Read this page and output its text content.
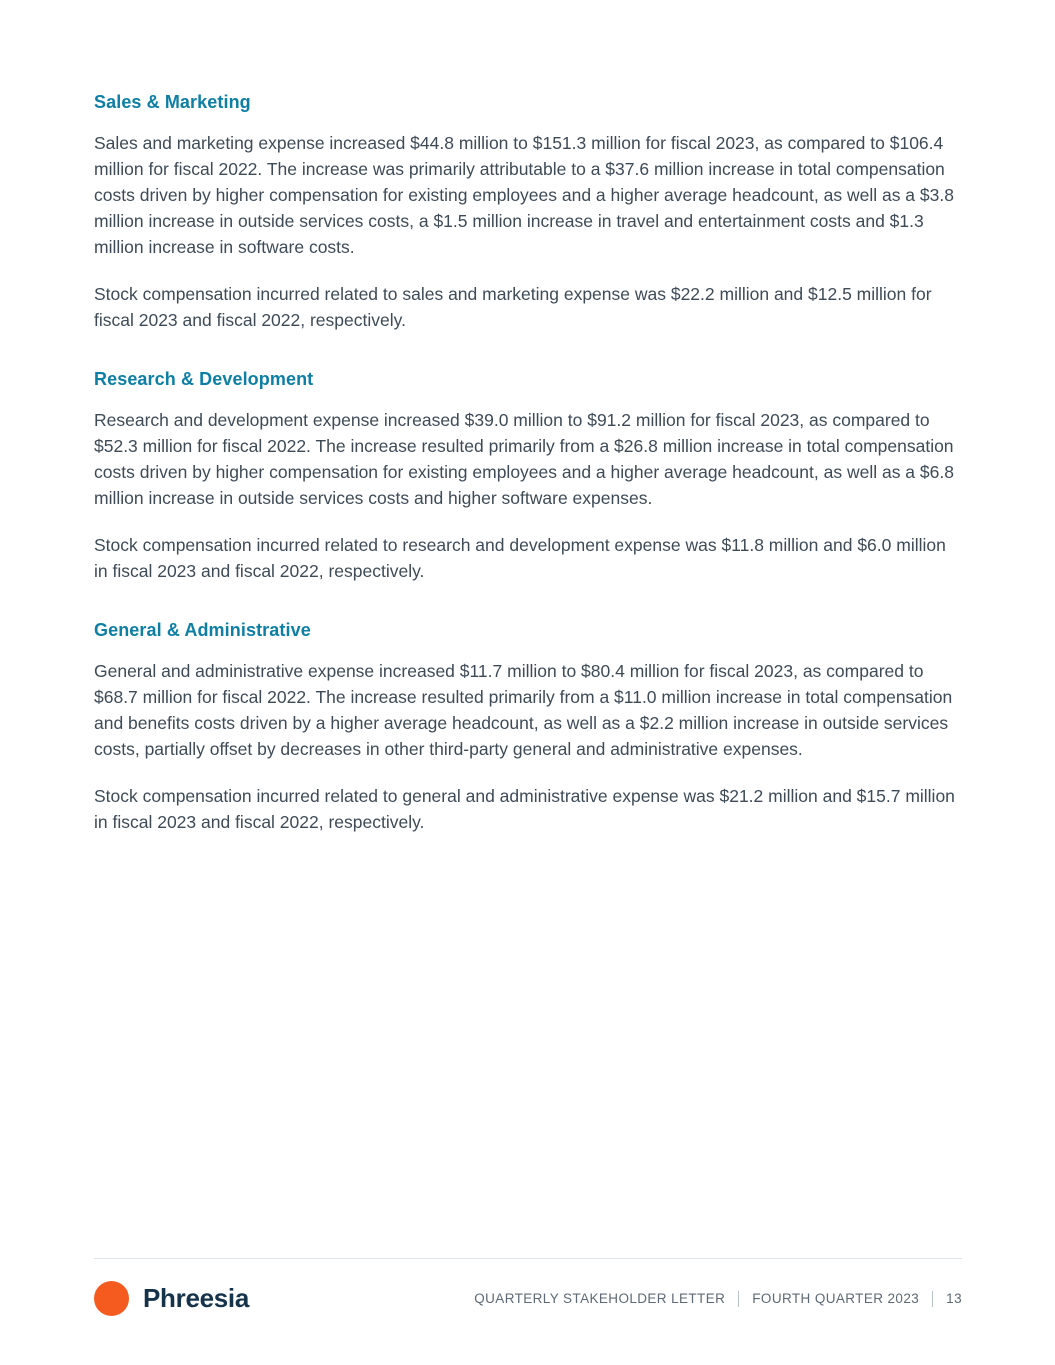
Sales & Marketing

Sales and marketing expense increased $44.8 million to $151.3 million for fiscal 2023, as compared to $106.4 million for fiscal 2022. The increase was primarily attributable to a $37.6 million increase in total compensation costs driven by higher compensation for existing employees and a higher average headcount, as well as a $3.8 million increase in outside services costs, a $1.5 million increase in travel and entertainment costs and $1.3 million increase in software costs.

Stock compensation incurred related to sales and marketing expense was $22.2 million and $12.5 million for fiscal 2023 and fiscal 2022, respectively.

Research & Development

Research and development expense increased $39.0 million to $91.2 million for fiscal 2023, as compared to $52.3 million for fiscal 2022. The increase resulted primarily from a $26.8 million increase in total compensation costs driven by higher compensation for existing employees and a higher average headcount, as well as a $6.8 million increase in outside services costs and higher software expenses.

Stock compensation incurred related to research and development expense was $11.8 million and $6.0 million in fiscal 2023 and fiscal 2022, respectively.

General & Administrative

General and administrative expense increased $11.7 million to $80.4 million for fiscal 2023, as compared to $68.7 million for fiscal 2022. The increase resulted primarily from a $11.0 million increase in total compensation and benefits costs driven by a higher average headcount, as well as a $2.2 million increase in outside services costs, partially offset by decreases in other third-party general and administrative expenses.

Stock compensation incurred related to general and administrative expense was $21.2 million and $15.7 million in fiscal 2023 and fiscal 2022, respectively.

Phreesia	QUARTERLY STAKEHOLDER LETTER FOURTH QUARTER 2023 13
